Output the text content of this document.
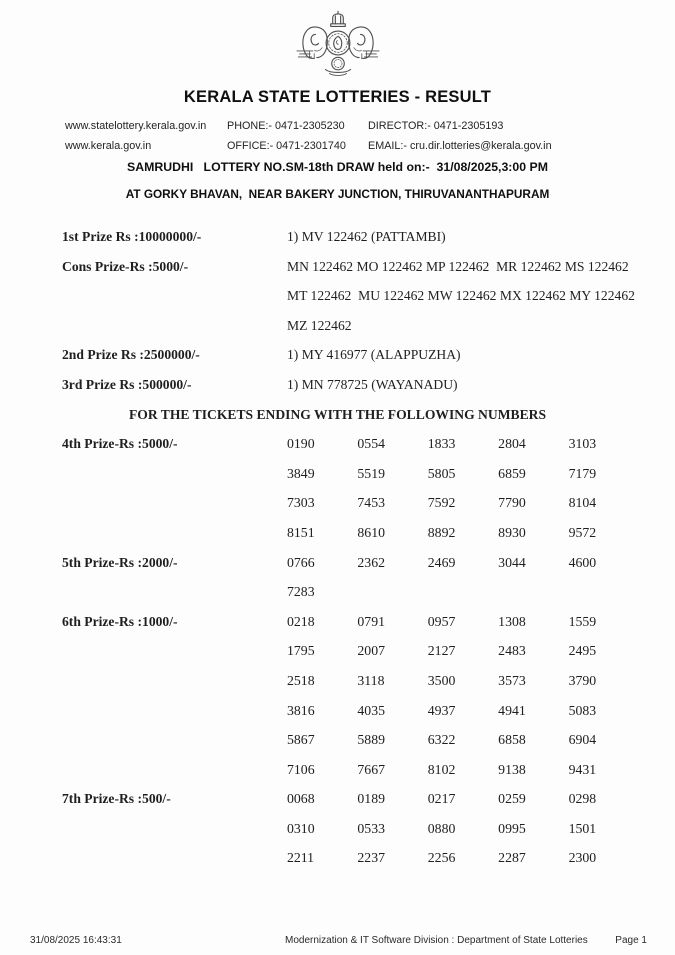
KERALA STATE LOTTERIES - RESULT
www.statelottery.kerala.gov.in	PHONE:- 0471-2305230	DIRECTOR:- 0471-2305193
www.kerala.gov.in	OFFICE:- 0471-2301740	EMAIL:- cru.dir.lotteries@kerala.gov.in
SAMRUDHI   LOTTERY NO.SM-18th DRAW held on:-  31/08/2025,3:00 PM
AT GORKY BHAVAN,  NEAR BAKERY JUNCTION, THIRUVANANTHAPURAM
1st Prize Rs :10000000/-	1) MV 122462 (PATTAMBI)
Cons Prize-Rs :5000/-	MN 122462 MO 122462 MP 122462  MR 122462 MS 122462
MT 122462  MU 122462 MW 122462 MX 122462 MY 122462
MZ 122462
2nd Prize Rs :2500000/-	1) MY 416977 (ALAPPUZHA)
3rd Prize Rs :500000/-	1) MN 778725 (WAYANADU)
FOR THE TICKETS ENDING WITH THE FOLLOWING NUMBERS
4th Prize-Rs :5000/-	0190	0554	1833	2804	3103
3849	5519	5805	6859	7179
7303	7453	7592	7790	8104
8151	8610	8892	8930	9572
5th Prize-Rs :2000/-	0766	2362	2469	3044	4600
7283
6th Prize-Rs :1000/-	0218	0791	0957	1308	1559
1795	2007	2127	2483	2495
2518	3118	3500	3573	3790
3816	4035	4937	4941	5083
5867	5889	6322	6858	6904
7106	7667	8102	9138	9431
7th Prize-Rs :500/-	0068	0189	0217	0259	0298
0310	0533	0880	0995	1501
2211	2237	2256	2287	2300
31/08/2025 16:43:31	Modernization & IT Software Division : Department of State Lotteries	Page 1
